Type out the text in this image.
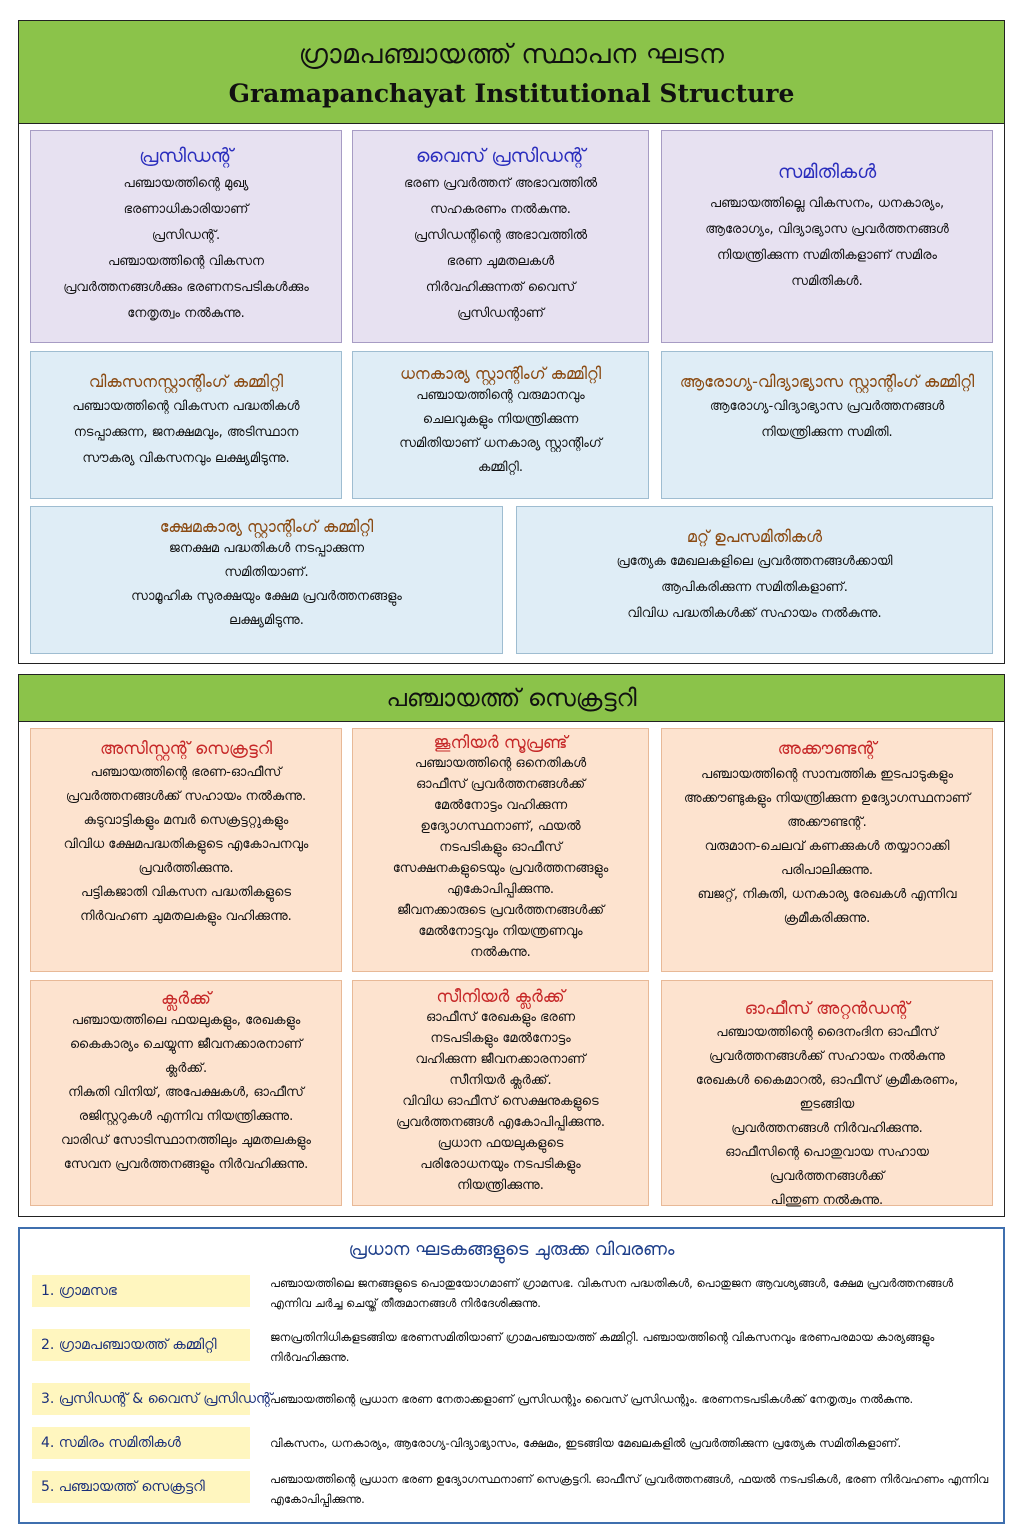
ഗ്രാമപഞ്ചായത്ത് സ്ഥാപന ഘടന
Gramapanchayat Institutional Structure
പ്രസിഡന്റ്

പഞ്ചായത്തിന്റെ മുഖ്യ

ഭരണാധികാരിയാണ്

പ്രസിഡന്റ്.

പഞ്ചായത്തിന്റെ വികസന

പ്രവർത്തനങ്ങൾക്കും ഭരണനടപടികൾക്കും

നേതൃത്വം നൽകുന്നു.

വൈസ് പ്രസിഡന്റ്

ഭരണ പ്രവർത്തന് അഭാവത്തിൽ

സഹകരണം നൽകുന്നു.

പ്രസിഡന്റിന്റെ അഭാവത്തിൽ

ഭരണ ചുമതലകൾ

നിർവഹിക്കുന്നത് വൈസ്

പ്രസിഡന്റാണ്

സമിതികൾ

പഞ്ചായത്തില്ലെ വികസനം, ധനകാര്യം,

ആരോഗ്യം, വിദ്യാഭ്യാസ പ്രവർത്തനങ്ങൾ

നിയന്ത്രിക്കുന്ന സമിതികളാണ് സമിരം

സമിതികൾ.

വികസനസ്റ്റാന്റിംഗ് കമ്മിറ്റി

പഞ്ചായത്തിന്റെ വികസന പദ്ധതികൾ

നടപ്പാക്കുന്ന, ജനക്ഷമവും, അടിസ്ഥാന

സൗകര്യ വികസനവും ലക്ഷ്യമിടുന്നു.

ധനകാര്യ സ്റ്റാന്റിംഗ് കമ്മിറ്റി

പഞ്ചായത്തിന്റെ വരുമാനവും

ചെലവുകളും നിയന്ത്രിക്കുന്ന

സമിതിയാണ് ധനകാര്യ സ്റ്റാന്റിംഗ്

കമ്മിറ്റി.

ആരോഗ്യ-വിദ്യാഭ്യാസ സ്റ്റാന്റിംഗ് കമ്മിറ്റി

ആരോഗ്യ-വിദ്യാഭ്യാസ പ്രവർത്തനങ്ങൾ

നിയന്ത്രിക്കുന്ന സമിതി.

ക്ഷേമകാര്യ സ്റ്റാന്റിംഗ് കമ്മിറ്റി

ജനക്ഷമ പദ്ധതികൾ നടപ്പാക്കുന്ന

സമിതിയാണ്.

സാമൂഹിക സുരക്ഷയും ക്ഷേമ പ്രവർത്തനങ്ങളും

ലക്ഷ്യമിടുന്നു.

മറ്റ് ഉപസമിതികൾ

പ്രത്യേക മേഖലകളിലെ പ്രവർത്തനങ്ങൾക്കായി

ആപികരിക്കുന്ന സമിതികളാണ്.

വിവിധ പദ്ധതികൾക്ക് സഹായം നൽകുന്നു.

പഞ്ചായത്ത് സെക്രട്ടറി
അസിസ്റ്റന്റ് സെക്രട്ടറി

പഞ്ചായത്തിന്റെ ഭരണ-ഓഫീസ്

പ്രവർത്തനങ്ങൾക്ക് സഹായം നൽകുന്നു.

കുടുവാട്ടികളും മമ്പർ സെക്രട്ടറ്റുകളും

വിവിധ ക്ഷേമപദ്ധതികളുടെ എകോപനവും

പ്രവർത്തിക്കുന്നു.

പട്ടികജാതി വികസന പദ്ധതികളുടെ

നിർവഹണ ചുമതലകളും വഹിക്കുന്നു.

ജൂനിയർ സൂപ്രണ്ട്

പഞ്ചായത്തിന്റെ ഒനെതികൾ

ഓഫീസ് പ്രവർത്തനങ്ങൾക്ക്

മേൽനോട്ടം വഹിക്കുന്ന

ഉദ്യോഗസ്ഥനാണ്, ഫയൽ

നടപടികളും ഓഫീസ്

സേക്ഷനകളുടെയും പ്രവർത്തനങ്ങളും

എകോപിപ്പിക്കുന്നു.

ജീവനക്കാരുടെ പ്രവർത്തനങ്ങൾക്ക്

മേൽനോട്ടവും നിയന്ത്രണവും

നൽകുന്നു.

അക്കൗണ്ടന്റ്

പഞ്ചായത്തിന്റെ സാമ്പത്തിക ഇടപാടുകളും

അക്കൗണ്ടുകളും നിയന്ത്രിക്കുന്ന ഉദ്യോഗസ്ഥനാണ്

അക്കൗണ്ടന്റ്.

വരുമാന-ചെലവ് കണക്കുകൾ തയ്യാറാക്കി

പരിപാലിക്കുന്നു.

ബജറ്റ്, നികുതി, ധനകാര്യ രേഖകൾ എന്നിവ

ക്രമീകരിക്കുന്നു.

ക്ലർക്ക്

പഞ്ചായത്തിലെ ഫയലുകളും, രേഖകളും

കൈകാര്യം ചെയ്യുന്ന ജീവനക്കാരനാണ്

ക്ലർക്ക്.

നികുതി വിനിയ്, അപേക്ഷകൾ, ഓഫീസ്

രജിസ്റ്ററുകൾ എന്നിവ നിയന്ത്രിക്കുന്നു.

വാരിഡ് സോടിസ്ഥാനത്തിലും ചുമതലകളും

സേവന പ്രവർത്തനങ്ങളും നിർവഹിക്കുന്നു.

സീനിയർ ക്ലർക്ക്

ഓഫീസ് രേഖകളും ഭരണ

നടപടികളും മേൽനോട്ടം

വഹിക്കുന്ന ജീവനക്കാരനാണ്

സീനിയർ ക്ലർക്ക്.

വിവിധ ഓഫീസ് സെക്ഷനുകളുടെ

പ്രവർത്തനങ്ങൾ എകോപിപ്പിക്കുന്നു.

പ്രധാന ഫയലുകളുടെ

പരിരോധനയും നടപടികളും

നിയന്ത്രിക്കുന്നു.

ഓഫീസ് അറ്റൻഡന്റ്

പഞ്ചായത്തിന്റെ ദൈനംദിന ഓഫീസ്

പ്രവർത്തനങ്ങൾക്ക് സഹായം നൽകുന്നു

രേഖകൾ കൈമാറൽ, ഓഫീസ് ക്രമീകരണം, ഇടങ്ങിയ

പ്രവർത്തനങ്ങൾ നിർവഹിക്കുന്നു.

ഓഫീസിന്റെ പൊതുവായ സഹായ പ്രവർത്തനങ്ങൾക്ക്

പിന്തുണ നൽകുന്നു.

പ്രധാന ഘടകങ്ങളുടെ ചുരുക്ക വിവരണം
1. ഗ്രാമസഭ	പഞ്ചായത്തിലെ ജനങ്ങളുടെ പൊതുയോഗമാണ് ഗ്രാമസഭ. വികസന പദ്ധതികൾ, പൊതുജന ആവശ്യങ്ങൾ, ക്ഷേമ പ്രവർത്തനങ്ങൾ എന്നിവ ചർച്ച ചെയ്ത് തീരുമാനങ്ങൾ നിർദേശിക്കുന്നു.
2. ഗ്രാമപഞ്ചായത്ത് കമ്മിറ്റി	ജനപ്രതിനിധികളടങ്ങിയ ഭരണസമിതിയാണ് ഗ്രാമപഞ്ചായത്ത് കമ്മിറ്റി. പഞ്ചായത്തിന്റെ വികസനവും ഭരണപരമായ കാര്യങ്ങളും നിർവഹിക്കുന്നു.
3. പ്രസിഡന്റ് & വൈസ് പ്രസിഡന്റ്
പഞ്ചായത്തിന്റെ പ്രധാന ഭരണ നേതാക്കളാണ് പ്രസിഡന്റും വൈസ് പ്രസിഡന്റും. ഭരണനടപടികൾക്ക് നേതൃത്വം നൽകുന്നു.
4. സമിരം സമിതികൾ	വികസനം, ധനകാര്യം, ആരോഗ്യ-വിദ്യാഭ്യാസം, ക്ഷേമം, ഇടങ്ങിയ മേഖലകളിൽ പ്രവർത്തിക്കുന്ന പ്രത്യേക സമിതികളാണ്.
5. പഞ്ചായത്ത് സെക്രട്ടറി	പഞ്ചായത്തിന്റെ പ്രധാന ഭരണ ഉദ്യോഗസ്ഥനാണ് സെക്രട്ടറി. ഓഫീസ് പ്രവർത്തനങ്ങൾ, ഫയൽ നടപടികൾ, ഭരണ നിർവഹണം എന്നിവ എകോപിപ്പിക്കുന്നു.
